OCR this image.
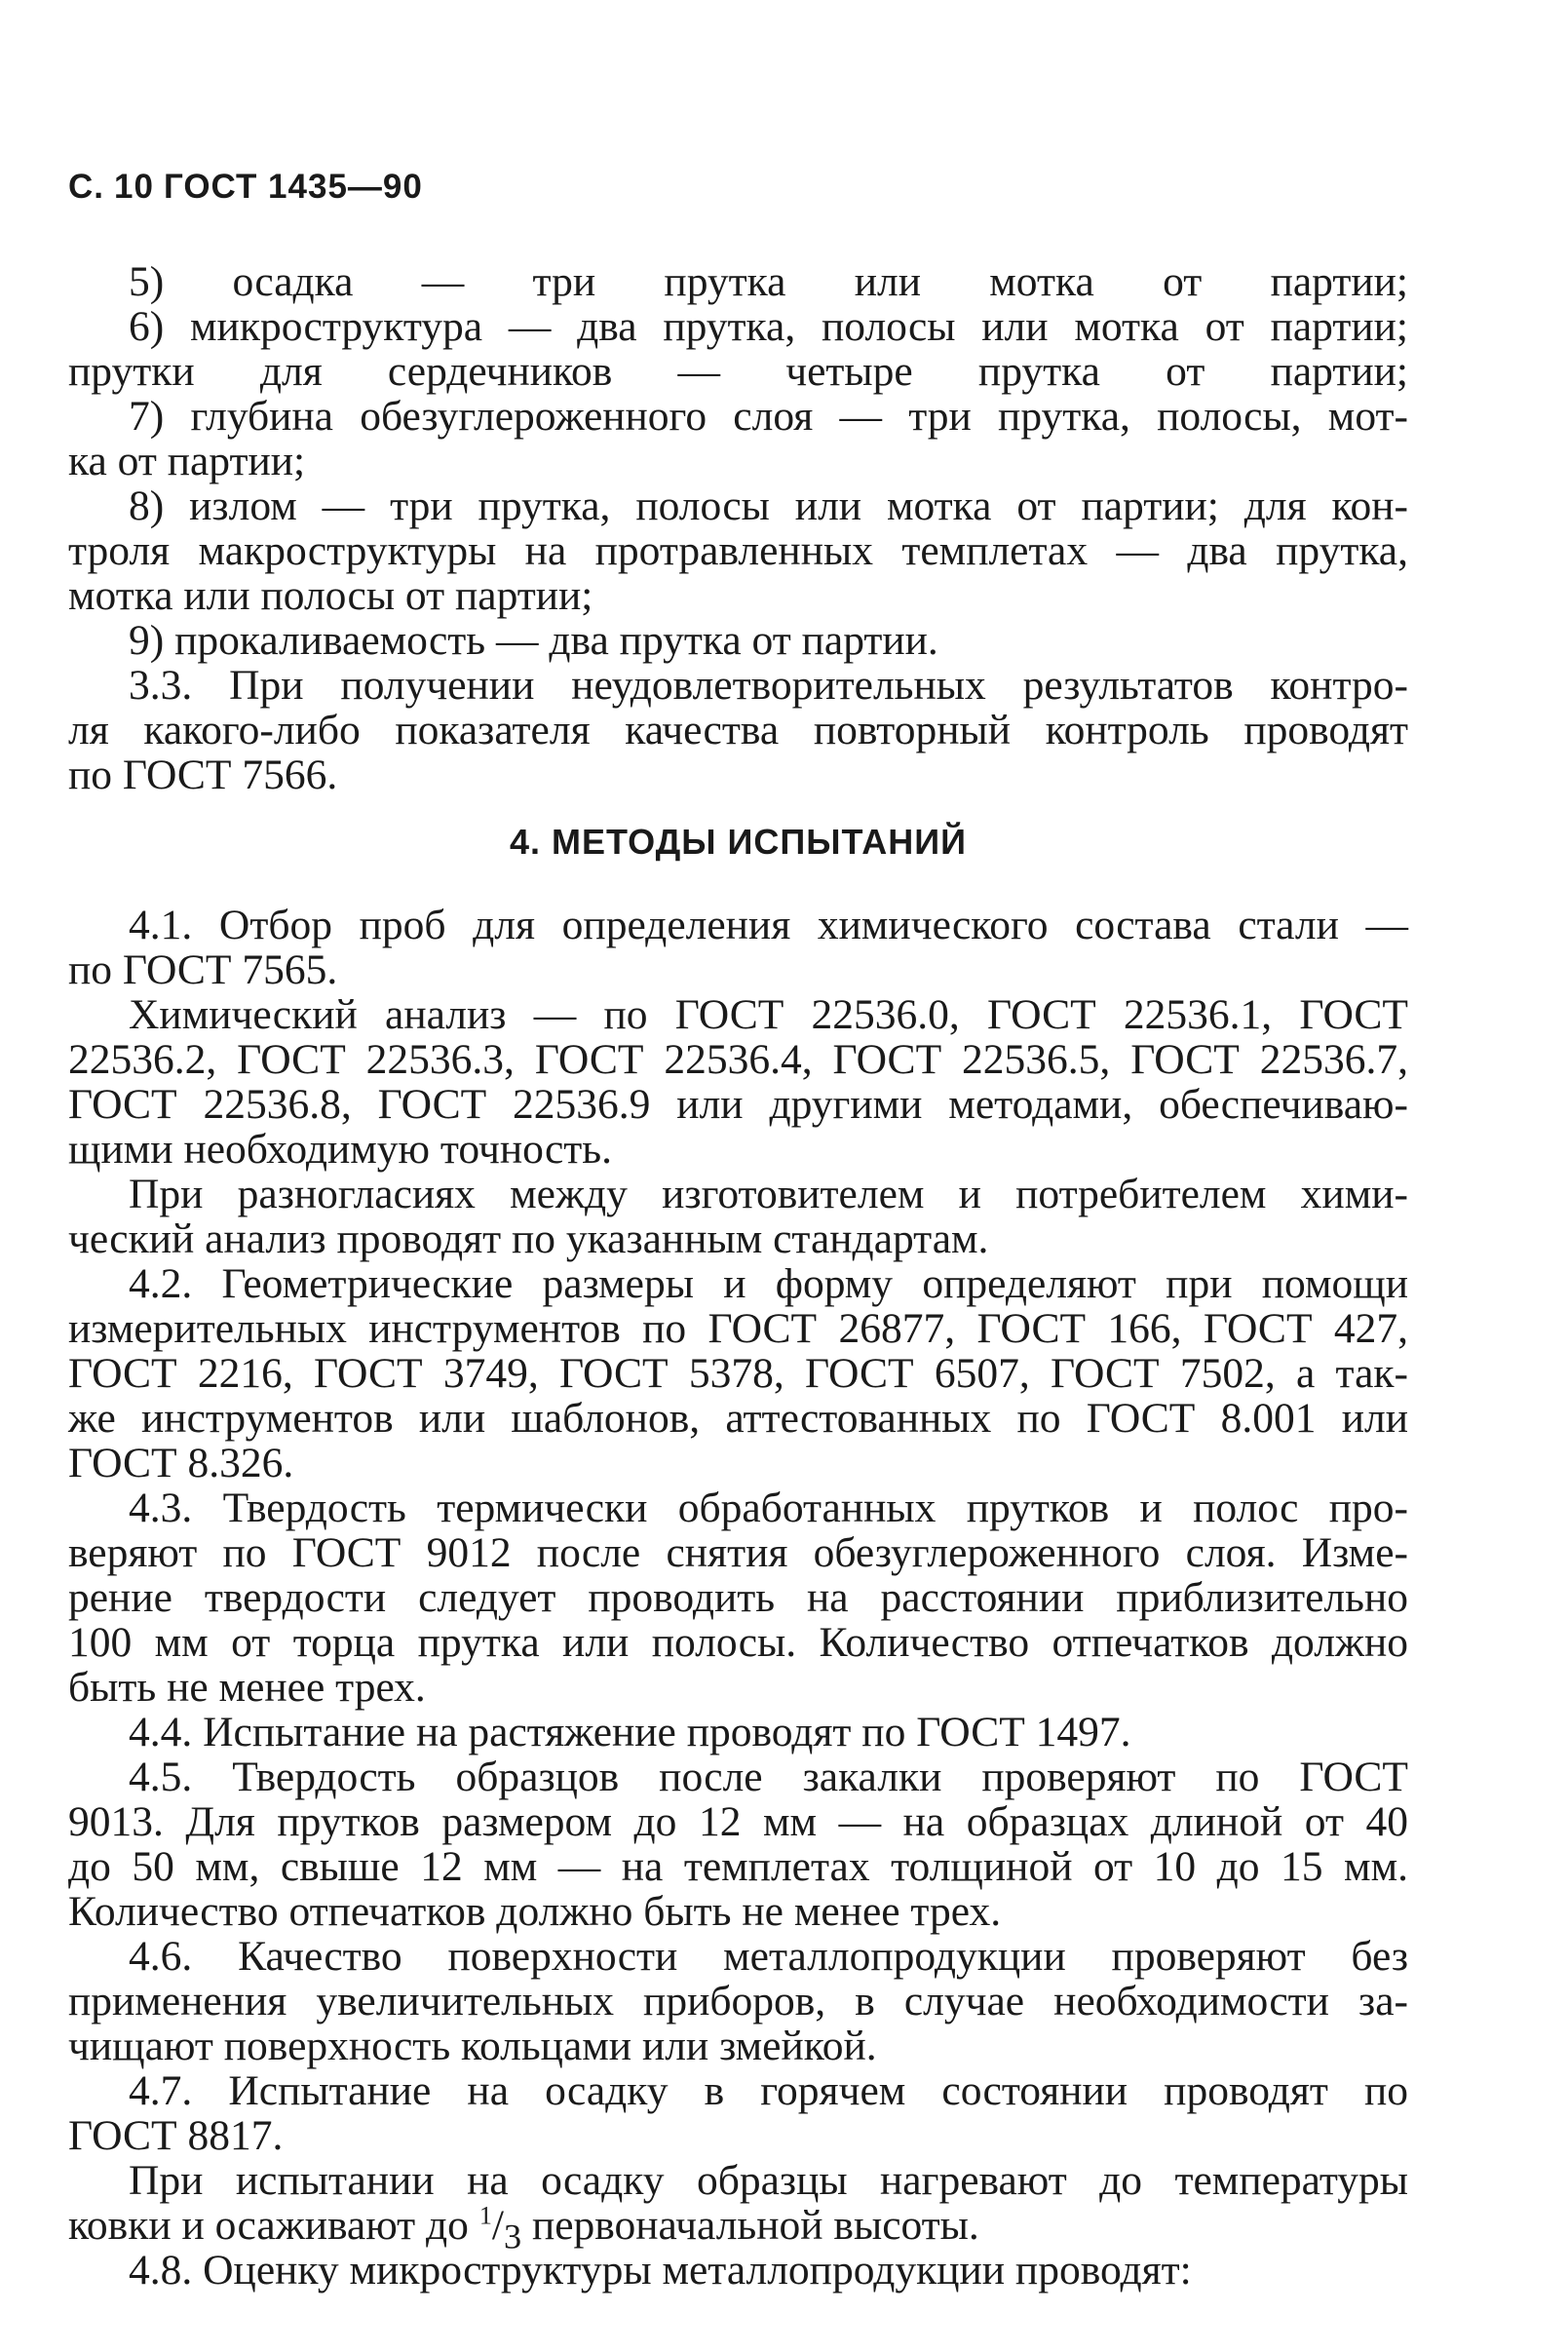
С. 10 ГОСТ 1435—90
5) осадка — три прутка или мотка от партии;
6) микроструктура — два прутка, полосы или мотка от партии;
прутки для сердечников — четыре прутка от партии;
7) глубина обезуглероженного слоя — три прутка, полосы, мот-
ка от партии;
8) излом — три прутка, полосы или мотка от партии; для кон-
троля макроструктуры на протравленных темплетах — два прутка,
мотка или полосы от партии;
9) прокаливаемость — два прутка от партии.
3.3. При получении неудовлетворительных результатов контро-
ля какого-либо показателя качества повторный контроль проводят
по ГОСТ 7566.
4. МЕТОДЫ ИСПЫТАНИЙ
4.1. Отбор проб для определения химического состава стали —
по ГОСТ 7565.
Химический анализ — по ГОСТ 22536.0, ГОСТ 22536.1, ГОСТ
22536.2, ГОСТ 22536.3, ГОСТ 22536.4, ГОСТ 22536.5, ГОСТ 22536.7,
ГОСТ 22536.8, ГОСТ 22536.9 или другими методами, обеспечиваю-
щими необходимую точность.
При разногласиях между изготовителем и потребителем хими-
ческий анализ проводят по указанным стандартам.
4.2. Геометрические размеры и форму определяют при помощи
измерительных инструментов по ГОСТ 26877, ГОСТ 166, ГОСТ 427,
ГОСТ 2216, ГОСТ 3749, ГОСТ 5378, ГОСТ 6507, ГОСТ 7502, а так-
же инструментов или шаблонов, аттестованных по ГОСТ 8.001 или
ГОСТ 8.326.
4.3. Твердость термически обработанных прутков и полос про-
веряют по ГОСТ 9012 после снятия обезуглероженного слоя. Изме-
рение твердости следует проводить на расстоянии приблизительно
100 мм от торца прутка или полосы. Количество отпечатков должно
быть не менее трех.
4.4. Испытание на растяжение проводят по ГОСТ 1497.
4.5. Твердость образцов после закалки проверяют по ГОСТ
9013. Для прутков размером до 12 мм — на образцах длиной от 40
до 50 мм, свыше 12 мм — на темплетах толщиной от 10 до 15 мм.
Количество отпечатков должно быть не менее трех.
4.6. Качество поверхности металлопродукции проверяют без
применения увеличительных приборов, в случае необходимости за-
чищают поверхность кольцами или змейкой.
4.7. Испытание на осадку в горячем состоянии проводят по
ГОСТ 8817.
При испытании на осадку образцы нагревают до температуры
ковки и осаживают до $^1/_3$ первоначальной высоты.
4.8. Оценку микроструктуры металлопродукции проводят:
